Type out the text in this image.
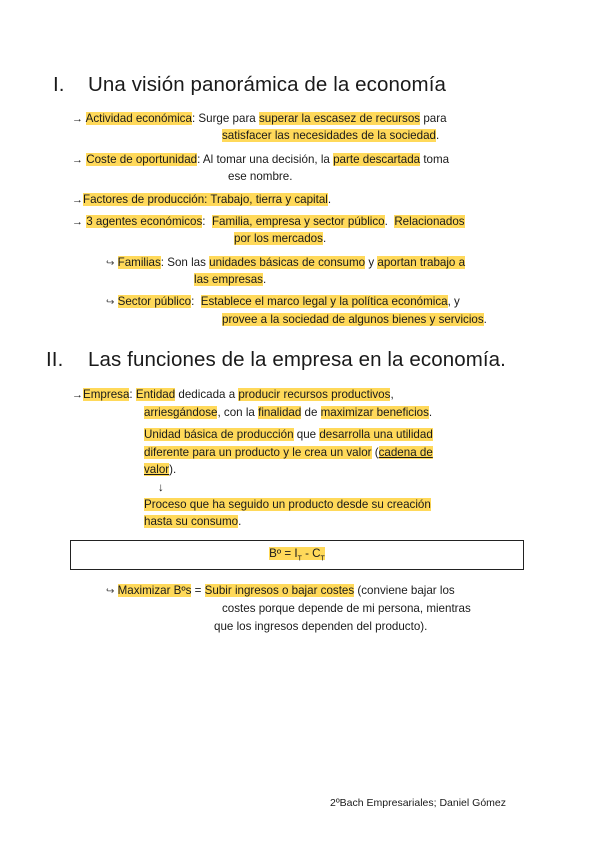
I. Una visión panorámica de la economía
→ Actividad económica: Surge para superar la escasez de recursos para
satisfacer las necesidades de la sociedad.
→ Coste de oportunidad: Al tomar una decisión, la parte descartada toma
ese nombre.
→Factores de producción: Trabajo, tierra y capital.
→ 3 agentes económicos: Familia, empresa y sector público.  Relacionados
por los mercados.
↪ Familias: Son las unidades básicas de consumo y aportan trabajo a
las empresas.
↪ Sector público: Establece el marco legal y la política económica, y
provee a la sociedad de algunos bienes y servicios.
II. Las funciones de la empresa en la economía.
→Empresa: Entidad dedicada a producir recursos productivos,
arriesgándose, con la finalidad de maximizar beneficios.
Unidad básica de producción que desarrolla una utilidad
diferente para un producto y le crea un valor (cadena de
valor).
↓
Proceso que ha seguido un producto desde su creación
hasta su consumo.
Bº = $I_T - C_T$
↪ Maximizar Bºs = Subir ingresos o bajar costes (conviene bajar los
costes porque depende de mi persona, mientras
que los ingresos dependen del producto).
2ºBach Empresariales; Daniel Gómez
